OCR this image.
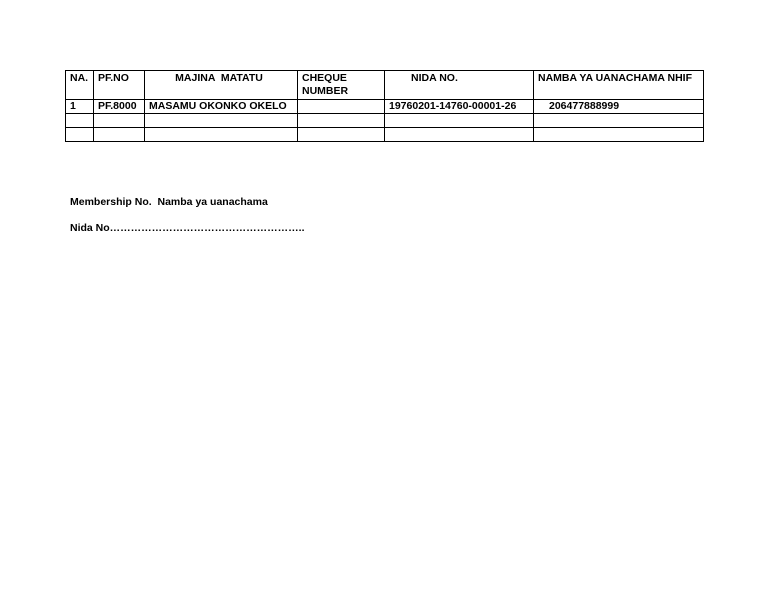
NA.	PF.NO	MAJINA  MATATU	CHEQUE NUMBER	NIDA NO.	NAMBA YA UANACHAMA NHIF
1	PF.8000	MASAMU OKONKO OKELO		19760201-14760-00001-26	206477888999

Membership No.  Namba ya uanachama
Nida No………………………………………………..
